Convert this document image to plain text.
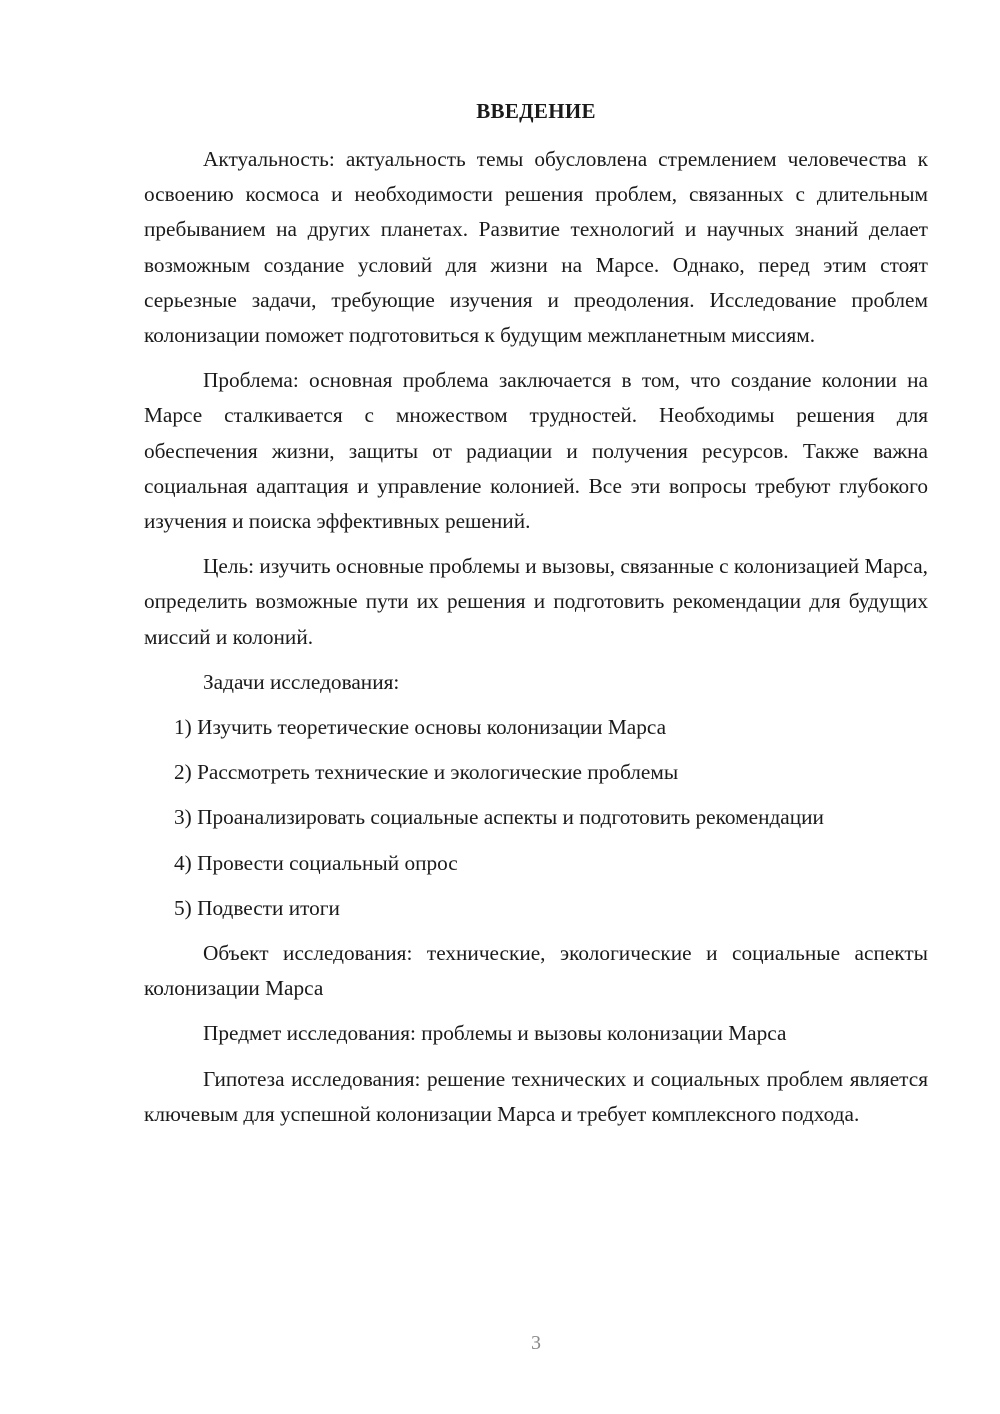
ВВЕДЕНИЕ

Актуальность: актуальность темы обусловлена стремлением человечества к освоению космоса и необходимости решения проблем, связанных с длительным пребыванием на других планетах. Развитие технологий и научных знаний делает возможным создание условий для жизни на Марсе. Однако, перед этим стоят серьезные задачи, требующие изучения и преодоления. Исследование проблем колонизации поможет подготовиться к будущим межпланетным миссиям.

Проблема: основная проблема заключается в том, что создание колонии на Марсе сталкивается с множеством трудностей. Необходимы решения для обеспечения жизни, защиты от радиации и получения ресурсов. Также важна социальная адаптация и управление колонией. Все эти вопросы требуют глубокого изучения и поиска эффективных решений.

Цель: изучить основные проблемы и вызовы, связанные с колонизацией Марса, определить возможные пути их решения и подготовить рекомендации для будущих миссий и колоний.

Задачи исследования:

1) Изучить теоретические основы колонизации Марса

2) Рассмотреть технические и экологические проблемы

3) Проанализировать социальные аспекты и подготовить рекомендации

4) Провести социальный опрос

5) Подвести итоги

Объект исследования: технические, экологические и социальные аспекты колонизации Марса

Предмет исследования: проблемы и вызовы колонизации Марса

Гипотеза исследования: решение технических и социальных проблем является ключевым для успешной колонизации Марса и требует комплексного подхода.

3
